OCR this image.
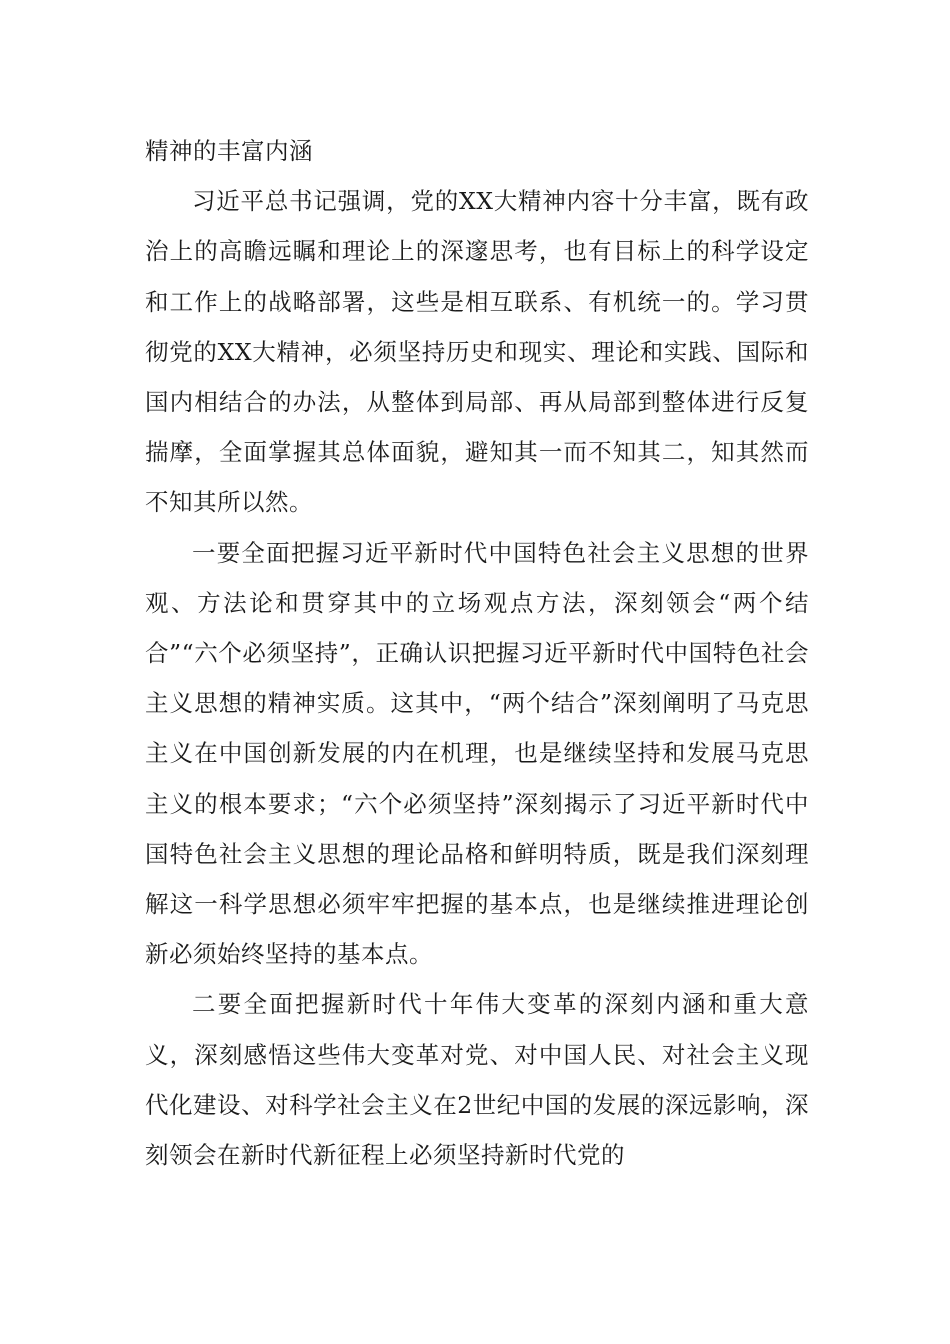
精神的丰富内涵

习近平总书记强调，党的XX大精神内容十分丰富，既有政治上的高瞻远瞩和理论上的深邃思考，也有目标上的科学设定和工作上的战略部署，这些是相互联系、有机统一的。学习贯彻党的XX大精神，必须坚持历史和现实、理论和实践、国际和国内相结合的办法，从整体到局部、再从局部到整体进行反复揣摩，全面掌握其总体面貌，避知其一而不知其二，知其然而不知其所以然。

一要全面把握习近平新时代中国特色社会主义思想的世界观、方法论和贯穿其中的立场观点方法，深刻领会“两个结合”“六个必须坚持”，正确认识把握习近平新时代中国特色社会主义思想的精神实质。这其中，“两个结合”深刻阐明了马克思主义在中国创新发展的内在机理，也是继续坚持和发展马克思主义的根本要求；“六个必须坚持”深刻揭示了习近平新时代中国特色社会主义思想的理论品格和鲜明特质，既是我们深刻理解这一科学思想必须牢牢把握的基本点，也是继续推进理论创新必须始终坚持的基本点。

二要全面把握新时代十年伟大变革的深刻内涵和重大意义，深刻感悟这些伟大变革对党、对中国人民、对社会主义现代化建设、对科学社会主义在2世纪中国的发展的深远影响，深刻领会在新时代新征程上必须坚持新时代党的
